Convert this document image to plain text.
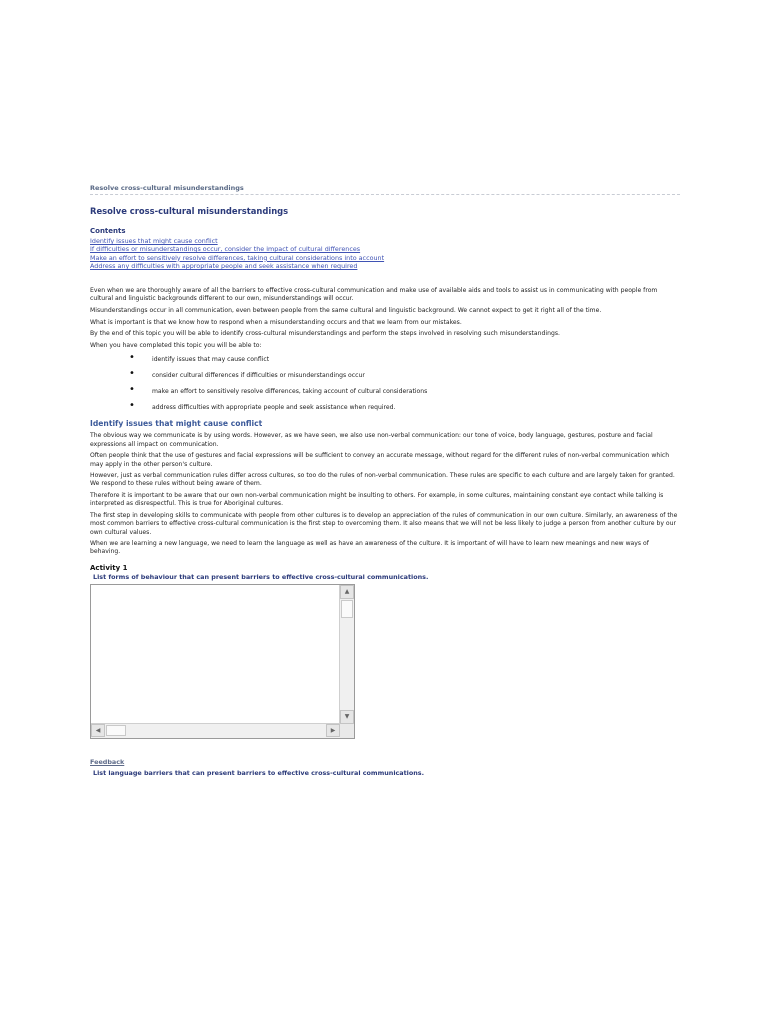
Resolve cross-cultural misunderstandings
Resolve cross-cultural misunderstandings
Contents
Identify issues that might cause conflict
If difficulties or misunderstandings occur, consider the impact of cultural differences
Make an effort to sensitively resolve differences, taking cultural considerations into account
Address any difficulties with appropriate people and seek assistance when required

Even when we are thoroughly aware of all the barriers to effective cross-cultural communication and make use of available aids and tools to assist us in communicating with people from cultural and linguistic backgrounds different to our own, misunderstandings will occur.

Misunderstandings occur in all communication, even between people from the same cultural and linguistic background. We cannot expect to get it right all of the time.

What is important is that we know how to respond when a misunderstanding occurs and that we learn from our mistakes.

By the end of this topic you will be able to identify cross-cultural misunderstandings and perform the steps involved in resolving such misunderstandings.

When you have completed this topic you will be able to:

• identify issues that may cause conflict
• consider cultural differences if difficulties or misunderstandings occur
• make an effort to sensitively resolve differences, taking account of cultural considerations
• address difficulties with appropriate people and seek assistance when required.
Identify issues that might cause conflict

The obvious way we communicate is by using words. However, as we have seen, we also use non-verbal communication: our tone of voice, body language, gestures, posture and facial expressions all impact on communication.

Often people think that the use of gestures and facial expressions will be sufficient to convey an accurate message, without regard for the different rules of non-verbal communication which may apply in the other person's culture.

However, just as verbal communication rules differ across cultures, so too do the rules of non-verbal communication. These rules are specific to each culture and are largely taken for granted. We respond to these rules without being aware of them.

Therefore it is important to be aware that our own non-verbal communication might be insulting to others. For example, in some cultures, maintaining constant eye contact while talking is interpreted as disrespectful. This is true for Aboriginal cultures.

The first step in developing skills to communicate with people from other cultures is to develop an appreciation of the rules of communication in our own culture. Similarly, an awareness of the most common barriers to effective cross-cultural communication is the first step to overcoming them. It also means that we will not be less likely to judge a person from another culture by our own cultural values.

When we are learning a new language, we need to learn the language as well as have an awareness of the culture. It is important of will have to learn new meanings and new ways of behaving.

Activity 1
List forms of behaviour that can present barriers to effective cross-cultural communications.
▲
▼
◀	▶
Feedback
List language barriers that can present barriers to effective cross-cultural communications.
